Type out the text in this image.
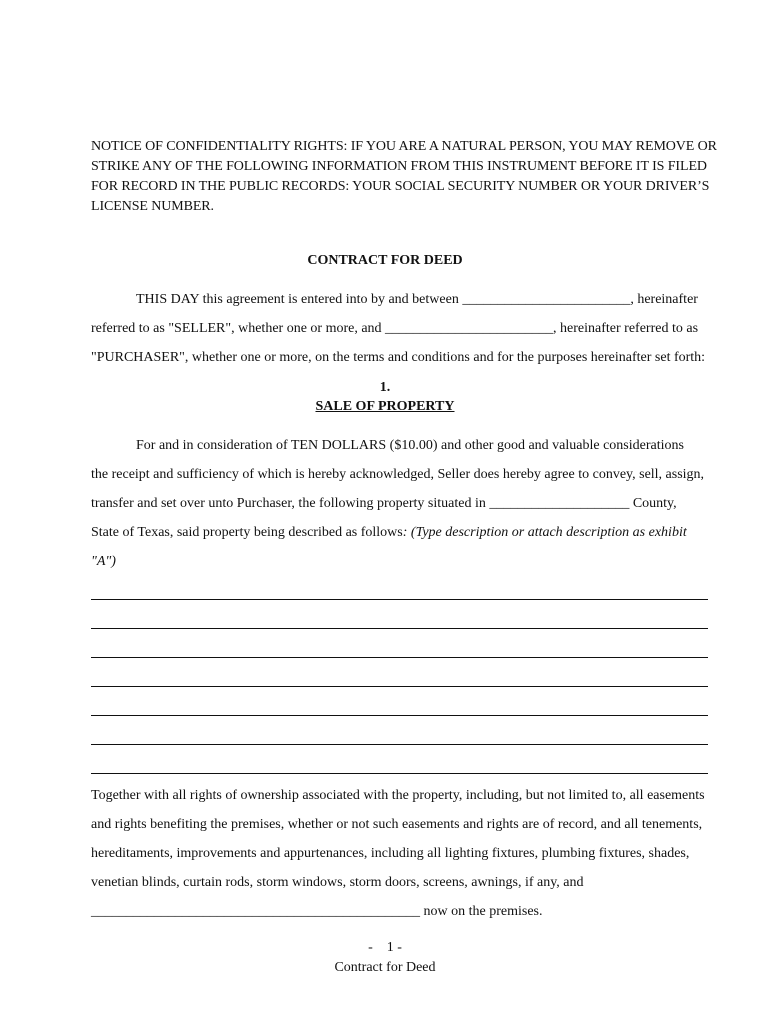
NOTICE OF CONFIDENTIALITY RIGHTS: IF YOU ARE A NATURAL PERSON, YOU MAY REMOVE OR STRIKE ANY OF THE FOLLOWING INFORMATION FROM THIS INSTRUMENT BEFORE IT IS FILED FOR RECORD IN THE PUBLIC RECORDS: YOUR SOCIAL SECURITY NUMBER OR YOUR DRIVER’S LICENSE NUMBER.
CONTRACT FOR DEED
THIS DAY this agreement is entered into by and between ________________________, hereinafter
referred to as "SELLER", whether one or more, and ________________________, hereinafter referred to as
"PURCHASER", whether one or more, on the terms and conditions and for the purposes hereinafter set forth:
1.
SALE OF PROPERTY
For and in consideration of TEN DOLLARS ($10.00) and other good and valuable considerations
the receipt and sufficiency of which is hereby acknowledged, Seller does hereby agree to convey, sell, assign,
transfer and set over unto Purchaser, the following property situated in ____________________ County,
State of Texas, said property being described as follows: (Type description or attach description as exhibit
"A")
Together with all rights of ownership associated with the property, including, but not limited to, all easements
and rights benefiting the premises, whether or not such easements and rights are of record, and all tenements,
hereditaments, improvements and appurtenances, including all lighting fixtures, plumbing fixtures, shades,
venetian blinds, curtain rods, storm windows, storm doors, screens, awnings, if any, and
_______________________________________________ now on the premises.
-    1 -
Contract for Deed
